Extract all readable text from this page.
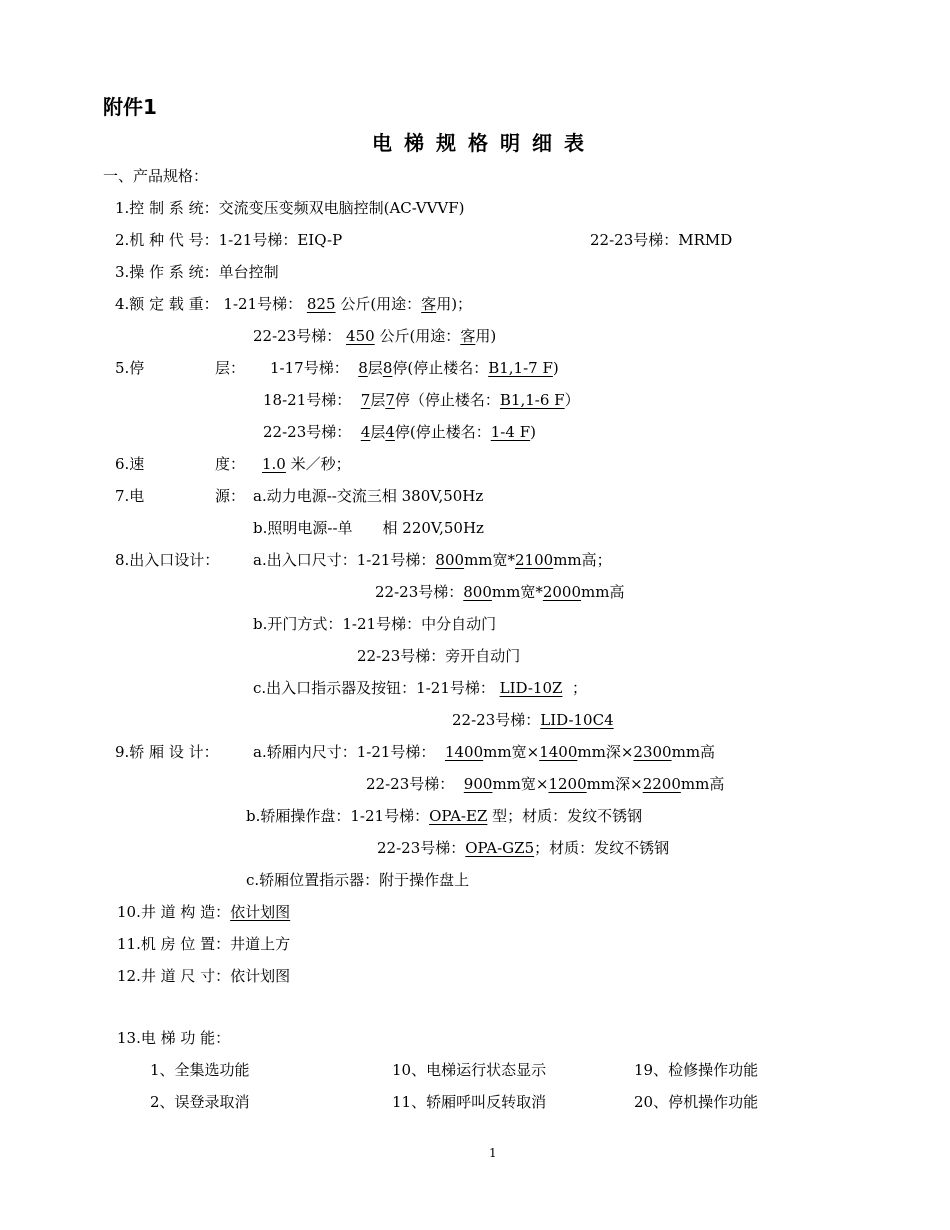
附件1
电梯规格明细表
一、产品规格：
1.控 制 系 统：交流变压变频双电脑控制(AC-VVVF)
2.机 种 代 号：1-21号梯：EIQ-P	22-23号梯：MRMD
3.操 作 系 统：单台控制
4.额 定 载 重： 1-21号梯： 825 公斤(用途：客用)；
22-23号梯： 450 公斤(用途：客用)
5.停	层： 1-17号梯： 8层8停(停止楼名：B1,1-7 F)
18-21号梯： 7层7停（停止楼名：B1,1-6 F）
22-23号梯： 4层4停(停止楼名：1-4 F)
6.速	度： 1.0 米／秒；
7.电	源： a.动力电源--交流三相 380V,50Hz
b.照明电源--单　　相 220V,50Hz
8.出入口设计： a.出入口尺寸：1-21号梯：800mm宽*2100mm高；
22-23号梯：800mm宽*2000mm高
b.开门方式：1-21号梯：中分自动门
22-23号梯：旁开自动门
c.出入口指示器及按钮：1-21号梯： LID-10Z ；
22-23号梯：LID-10C4
9.轿 厢 设 计： a.轿厢内尺寸：1-21号梯： 1400mm宽×1400mm深×2300mm高
22-23号梯： 900mm宽×1200mm深×2200mm高
b.轿厢操作盘：1-21号梯：OPA-EZ 型；材质：发纹不锈钢
22-23号梯：OPA-GZ5；材质：发纹不锈钢
c.轿厢位置指示器：附于操作盘上
10.井 道 构 造：依计划图
11.机 房 位 置：井道上方
12.井 道 尺 寸：依计划图
13.电 梯 功 能：
1、全集选功能	10、电梯运行状态显示	19、检修操作功能
2、误登录取消	11、轿厢呼叫反转取消	20、停机操作功能
1
